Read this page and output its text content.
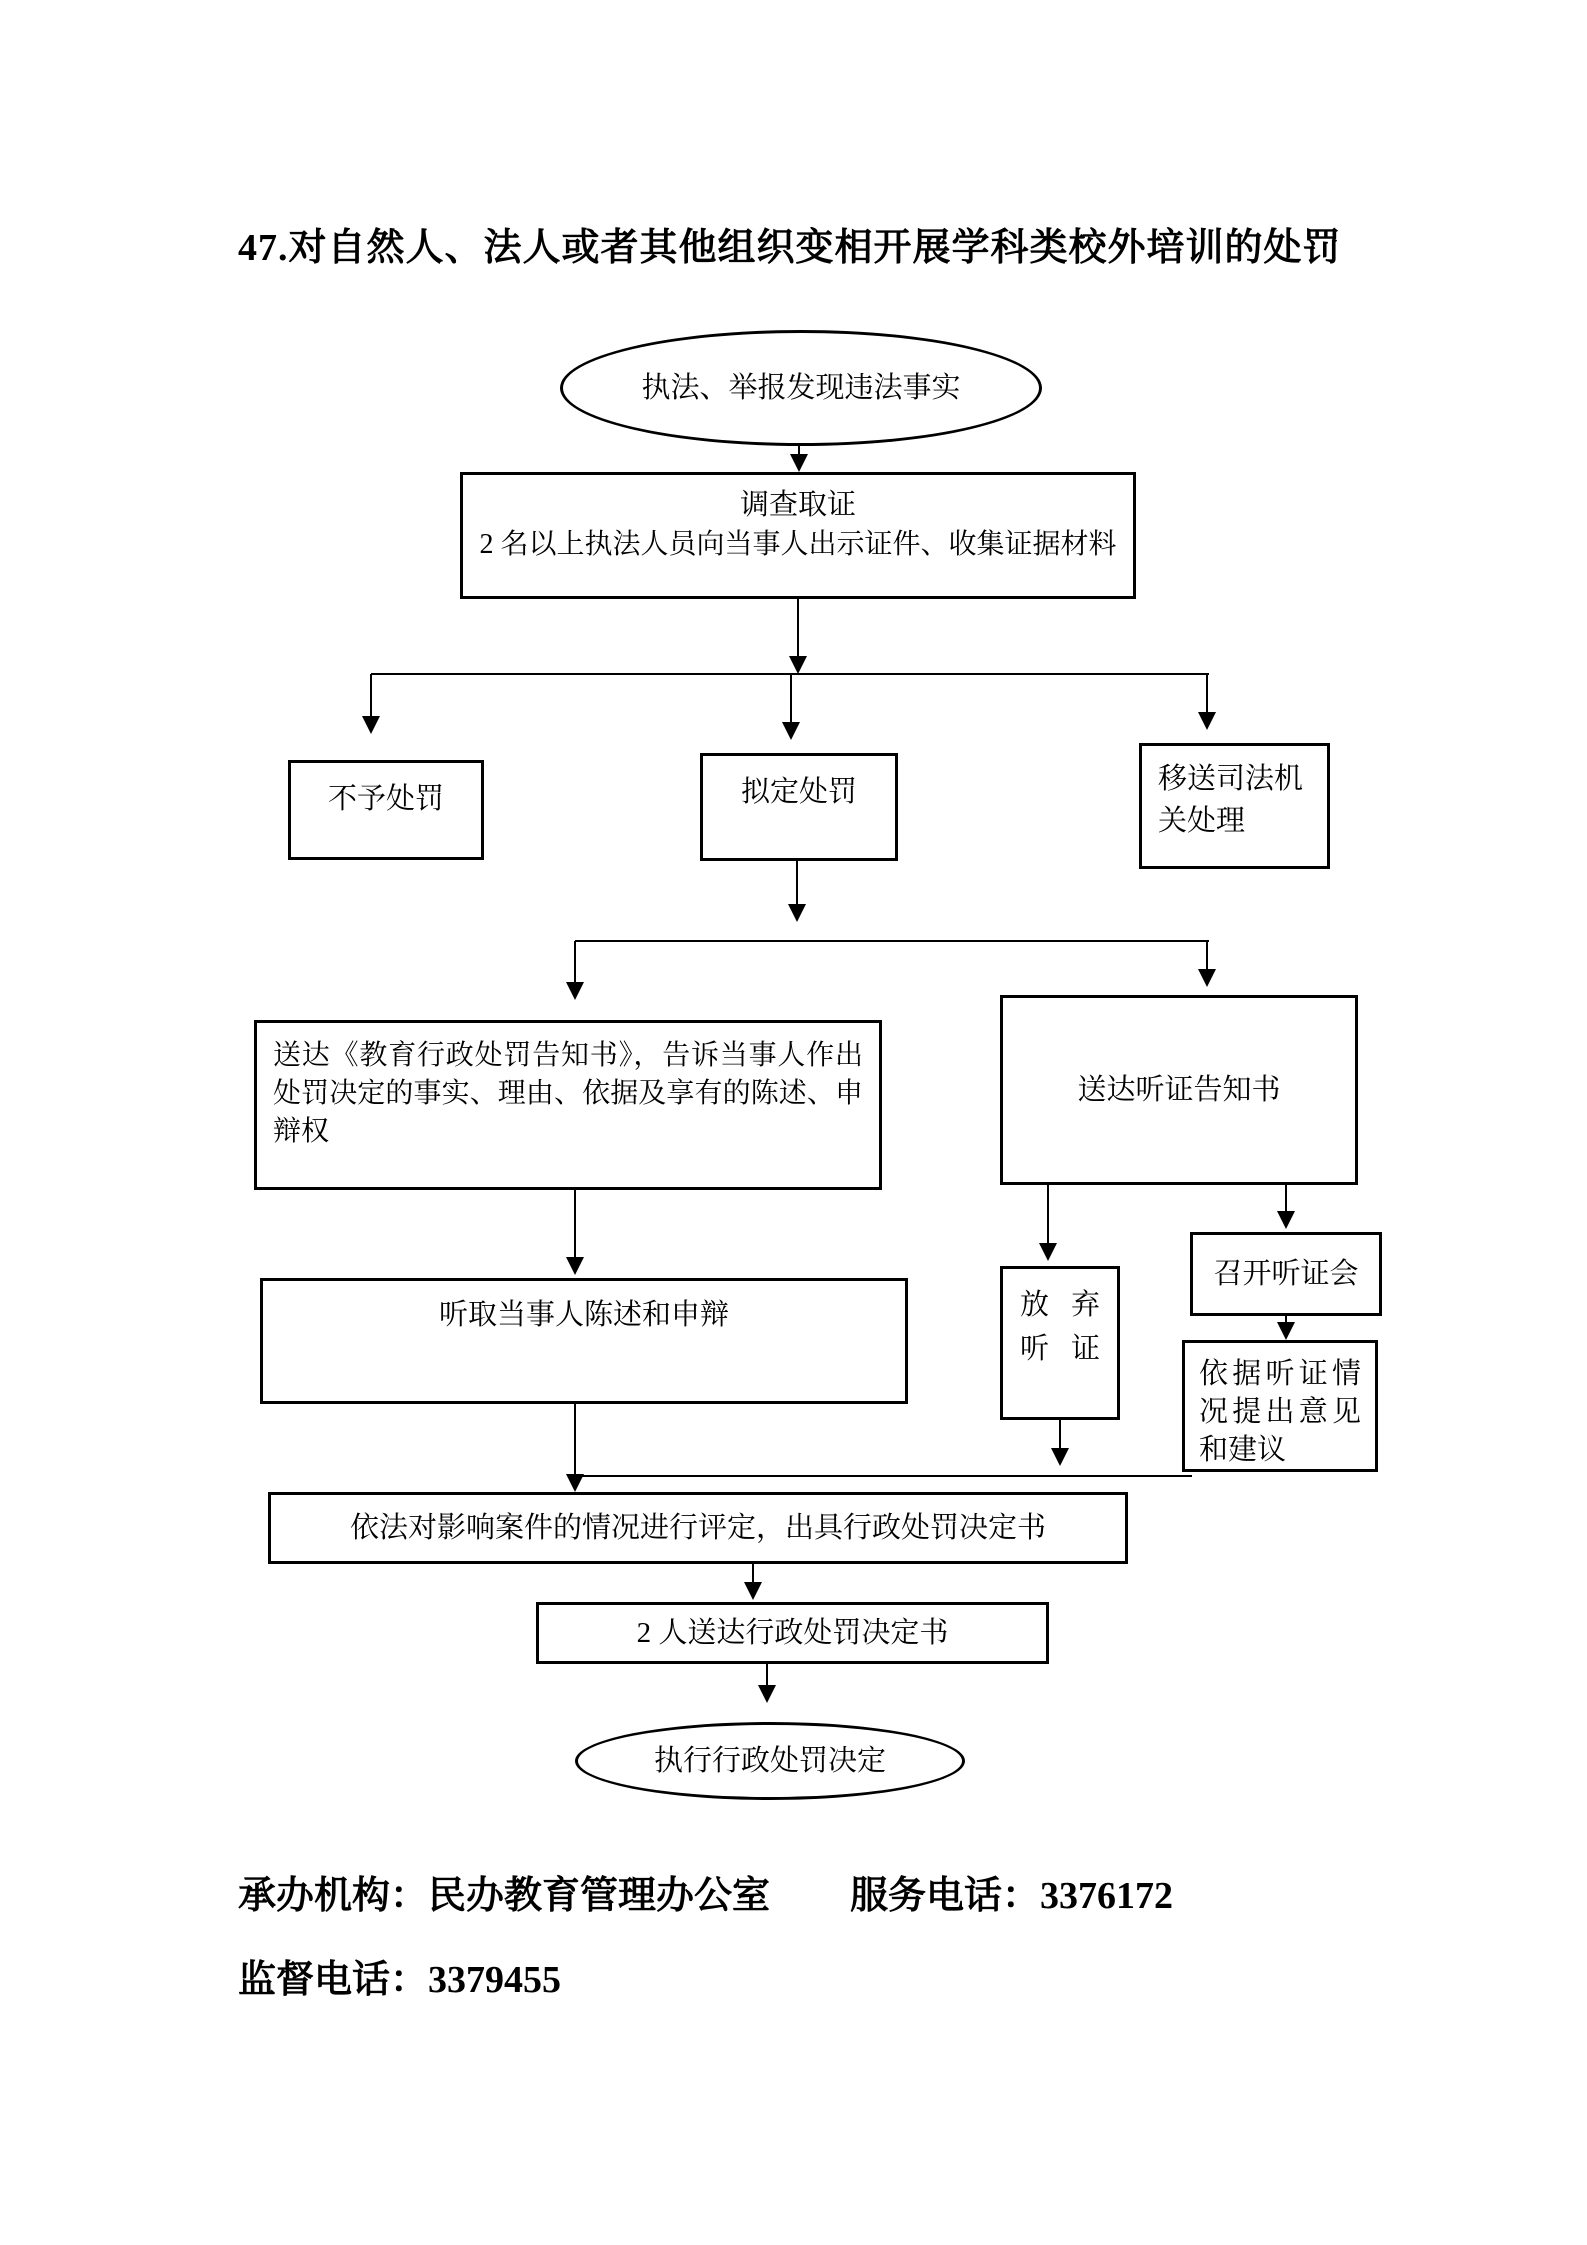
47.对自然人、法人或者其他组织变相开展学科类校外培训的处罚
执法、举报发现违法事实
调查取证
2 名以上执法人员向当事人出示证件、收集证据材料
不予处罚	拟定处罚	移送司法机关处理
送达《教育行政处罚告知书》，告诉当事人作出处罚决定的事实、理由、依据及享有的陈述、申辩权
送达听证告知书
听取当事人陈述和申辩	放弃听证
召开听证会
依据听证情况提出意见和建议
依法对影响案件的情况进行评定，出具行政处罚决定书
2 人送达行政处罚决定书
执行行政处罚决定
承办机构：民办教育管理办公室 服务电话：3376172
监督电话：3379455
